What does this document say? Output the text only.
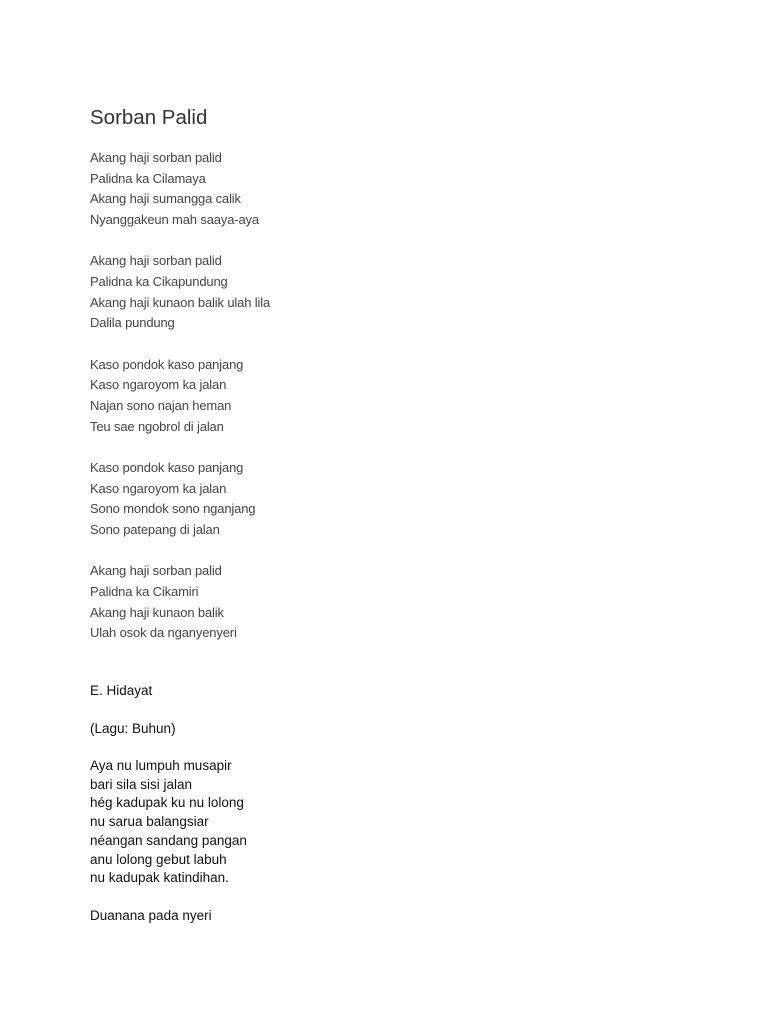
Sorban Palid
Akang haji sorban palid
Palidna ka Cilamaya
Akang haji sumangga calik
Nyanggakeun mah saaya-aya
Akang haji sorban palid
Palidna ka Cikapundung
Akang haji kunaon balik ulah lila
Dalila pundung
Kaso pondok kaso panjang
Kaso ngaroyom ka jalan
Najan sono najan heman
Teu sae ngobrol di jalan
Kaso pondok kaso panjang
Kaso ngaroyom ka jalan
Sono mondok sono nganjang
Sono patepang di jalan
Akang haji sorban palid
Palidna ka Cikamiri
Akang haji kunaon balik
Ulah osok da nganyenyeri
E. Hidayat
(Lagu: Buhun)
Aya nu lumpuh musapir
bari sila sisi jalan
hég kadupak ku nu lolong
nu sarua balangsiar
néangan sandang pangan
anu lolong gebut labuh
nu kadupak katindihan.
Duanana pada nyeri
